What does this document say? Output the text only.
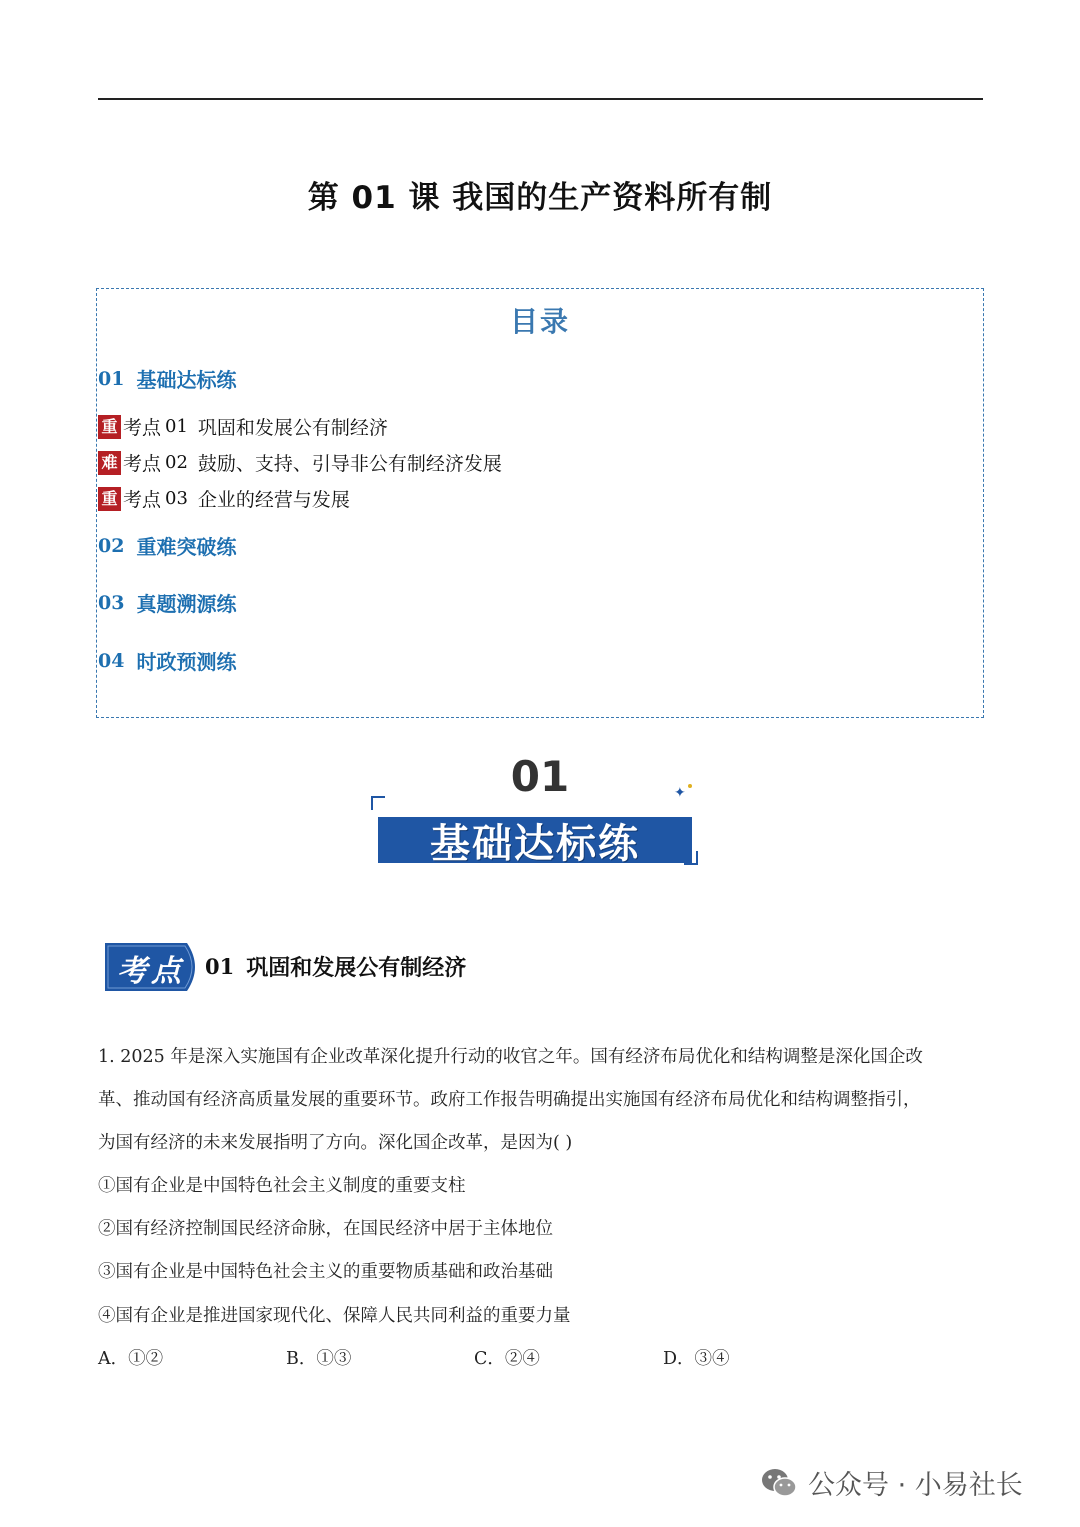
第 01 课 我国的生产资料所有制
目录
01 基础达标练
重 考点 01 巩固和发展公有制经济
难 考点 02 鼓励、支持、引导非公有制经济发展
重 考点 03 企业的经营与发展
02 重难突破练
03 真题溯源练
04 时政预测练
01
基础达标练
✦
考点 01 巩固和发展公有制经济
1. 2025 年是深入实施国有企业改革深化提升行动的收官之年。国有经济布局优化和结构调整是深化国企改
革、推动国有经济高质量发展的重要环节。政府工作报告明确提出实施国有经济布局优化和结构调整指引，
为国有经济的未来发展指明了方向。深化国企改革，是因为( )
①国有企业是中国特色社会主义制度的重要支柱
②国有经济控制国民经济命脉，在国民经济中居于主体地位
③国有企业是中国特色社会主义的重要物质基础和政治基础
④国有企业是推进国家现代化、保障人民共同利益的重要力量
A．①②	B．①③	C．②④	D．③④
公众号 · 小易社长
